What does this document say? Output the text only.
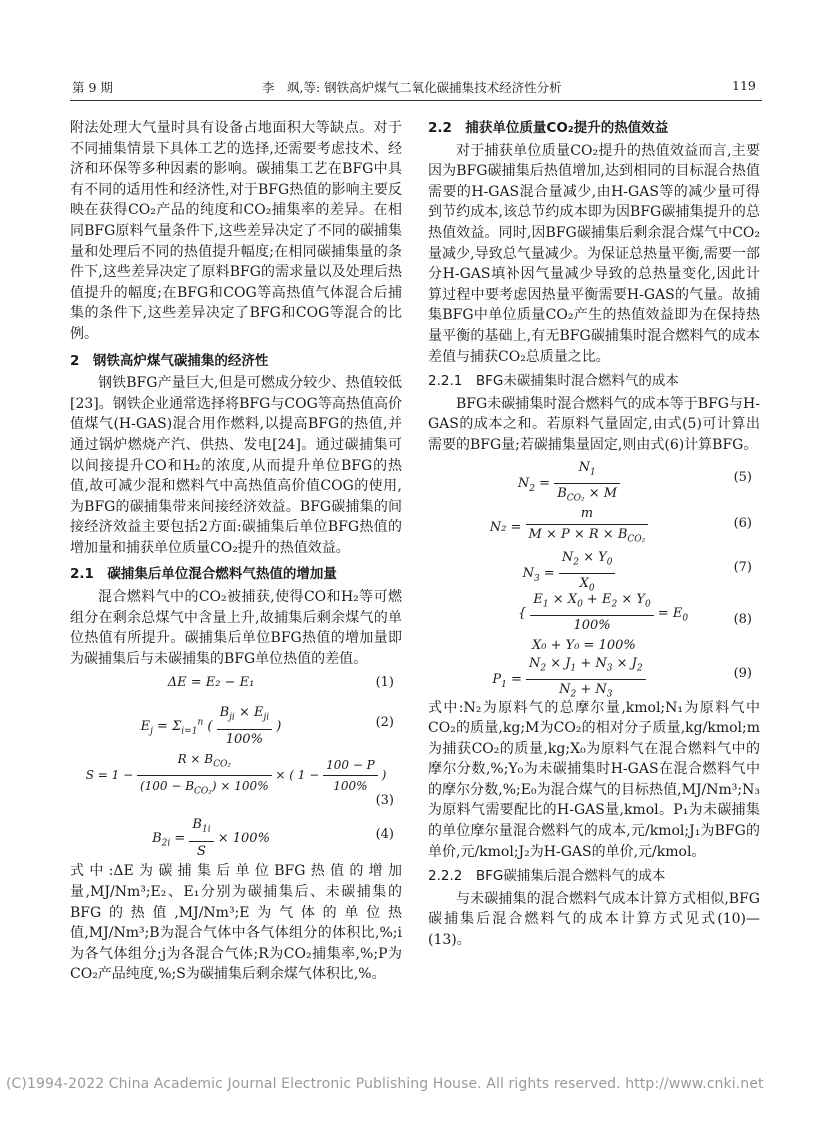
第 9 期	李　飒,等: 钢铁高炉煤气二氧化碳捕集技术经济性分析	119

附法处理大气量时具有设备占地面积大等缺点。对于不同捕集情景下具体工艺的选择,还需要考虑技术、经济和环保等多种因素的影响。碳捕集工艺在BFG中具有不同的适用性和经济性,对于BFG热值的影响主要反映在获得CO₂产品的纯度和CO₂捕集率的差异。在相同BFG原料气量条件下,这些差异决定了不同的碳捕集量和处理后不同的热值提升幅度;在相同碳捕集量的条件下,这些差异决定了原料BFG的需求量以及处理后热值提升的幅度;在BFG和COG等高热值气体混合后捕集的条件下,这些差异决定了BFG和COG等混合的比例。

2　钢铁高炉煤气碳捕集的经济性

钢铁BFG产量巨大,但是可燃成分较少、热值较低[23]。钢铁企业通常选择将BFG与COG等高热值高价值煤气(H-GAS)混合用作燃料,以提高BFG的热值,并通过锅炉燃烧产汽、供热、发电[24]。通过碳捕集可以间接提升CO和H₂的浓度,从而提升单位BFG的热值,故可减少混和燃料气中高热值高价值COG的使用,为BFG的碳捕集带来间接经济效益。BFG碳捕集的间接经济效益主要包括2方面:碳捕集后单位BFG热值的增加量和捕获单位质量CO₂提升的热值效益。

2.1　碳捕集后单位混合燃料气热值的增加量

混合燃料气中的CO₂被捕获,使得CO和H₂等可燃组分在剩余总煤气中含量上升,故捕集后剩余煤气的单位热值有所提升。碳捕集后单位BFG热值的增加量即为碳捕集后与未碳捕集的BFG单位热值的差值。

ΔE = E₂ − E₁	(1)
$E_j = \Sigma_{i=1}^n$ ( $\frac{B_{ji} \times E_{ji}}{100\%}$ )	(2)
$S = 1 - \frac{R \times B_{CO_2}}{(100 - B_{CO_2}) \times 100\%}$ × ( $1 - \frac{100 - P}{100\%}$ )
(3)
$B_{2i} = \frac{B_{1i}}{S} \times 100\%$	(4)

式中:ΔE为碳捕集后单位BFG热值的增加量,MJ/Nm³;E₂、E₁分别为碳捕集后、未碳捕集的BFG的热值,MJ/Nm³;E为气体的单位热值,MJ/Nm³;B为混合气体中各气体组分的体积比,%;i为各气体组分;j为各混合气体;R为CO₂捕集率,%;P为CO₂产品纯度,%;S为碳捕集后剩余煤气体积比,%。

2.2　捕获单位质量CO₂提升的热值效益

对于捕获单位质量CO₂提升的热值效益而言,主要因为BFG碳捕集后热值增加,达到相同的目标混合热值需要的H-GAS混合量减少,由H-GAS等的减少量可得到节约成本,该总节约成本即为因BFG碳捕集提升的总热值效益。同时,因BFG碳捕集后剩余混合煤气中CO₂量减少,导致总气量减少。为保证总热量平衡,需要一部分H-GAS填补因气量减少导致的总热量变化,因此计算过程中要考虑因热量平衡需要H-GAS的气量。故捕集BFG中单位质量CO₂产生的热值效益即为在保持热量平衡的基础上,有无BFG碳捕集时混合燃料气的成本差值与捕获CO₂总质量之比。

2.2.1　BFG未碳捕集时混合燃料气的成本

BFG未碳捕集时混合燃料气的成本等于BFG与H-GAS的成本之和。若原料气量固定,由式(5)可计算出需要的BFG量;若碳捕集量固定,则由式(6)计算BFG。

$N_2 = \frac{N_1}{B_{CO_2} \times M}$	(5)
$N_2 = \frac{m}{M \times P \times R \times B_{CO_2}}$	(6)
$N_3 = \frac{N_2 \times Y_0}{X_0}$	(7)
{ $\frac{E_1 \times X_0 + E_2 \times Y_0}{100\%} = E_0$
X₀ + Y₀ = 100%
(8)
$P_1 = \frac{N_2 \times J_1 + N_3 \times J_2}{N_2 + N_3}$	(9)

式中:N₂为原料气的总摩尔量,kmol;N₁为原料气中CO₂的质量,kg;M为CO₂的相对分子质量,kg/kmol;m为捕获CO₂的质量,kg;X₀为原料气在混合燃料气中的摩尔分数,%;Y₀为未碳捕集时H-GAS在混合燃料气中的摩尔分数,%;E₀为混合煤气的目标热值,MJ/Nm³;N₃为原料气需要配比的H-GAS量,kmol。P₁为未碳捕集的单位摩尔量混合燃料气的成本,元/kmol;J₁为BFG的单价,元/kmol;J₂为H-GAS的单价,元/kmol。

2.2.2　BFG碳捕集后混合燃料气的成本

与未碳捕集的混合燃料气成本计算方式相似,BFG碳捕集后混合燃料气的成本计算方式见式(10)—(13)。

(C)1994-2022 China Academic Journal Electronic Publishing House. All rights reserved. http://www.cnki.net
